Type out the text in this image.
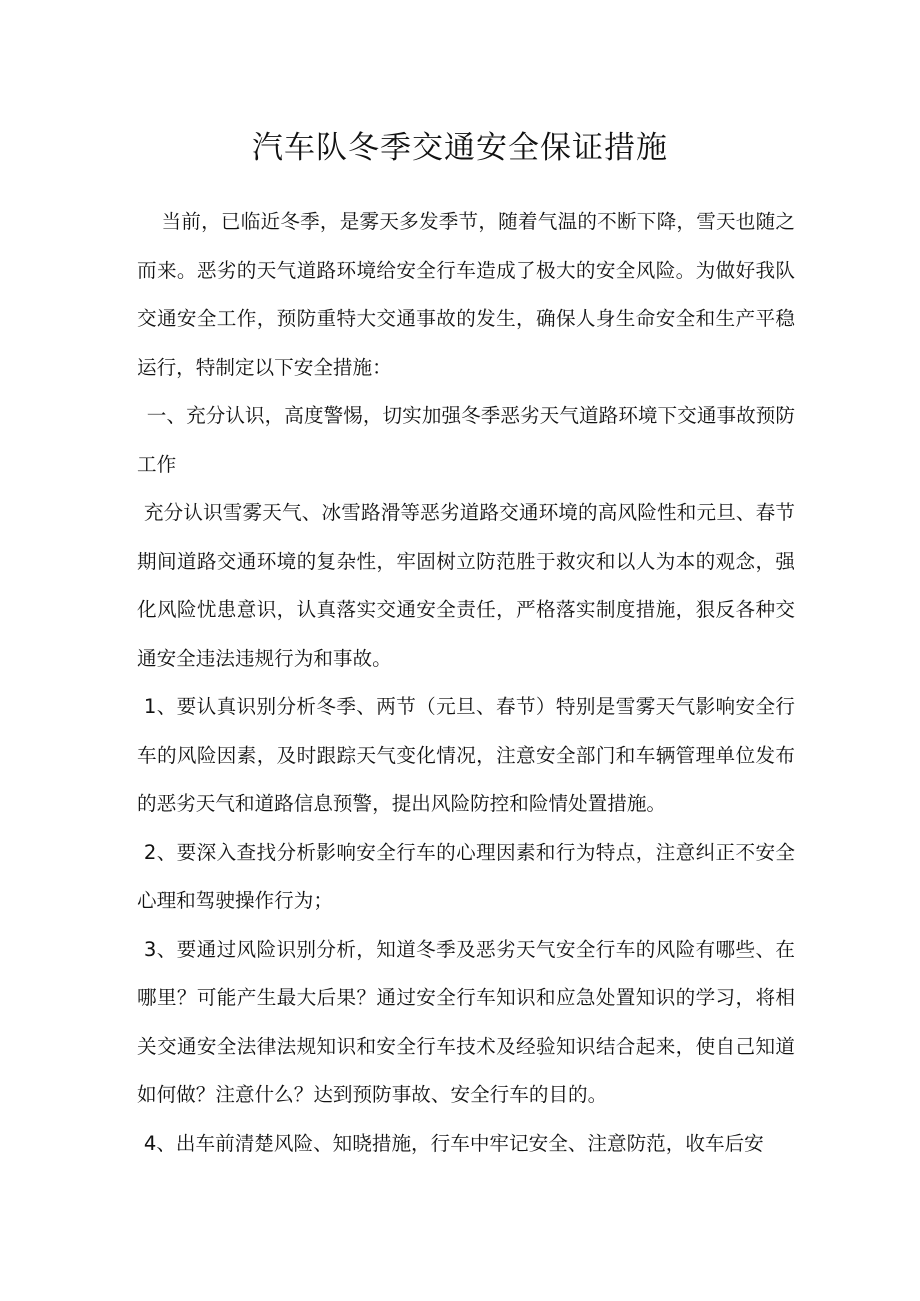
汽车队冬季交通安全保证措施

当前，已临近冬季，是雾天多发季节，随着气温的不断下降，雪天也随之而来。恶劣的天气道路环境给安全行车造成了极大的安全风险。为做好我队交通安全工作，预防重特大交通事故的发生，确保人身生命安全和生产平稳运行，特制定以下安全措施：

一、充分认识，高度警惕，切实加强冬季恶劣天气道路环境下交通事故预防工作

充分认识雪雾天气、冰雪路滑等恶劣道路交通环境的高风险性和元旦、春节期间道路交通环境的复杂性，牢固树立防范胜于救灾和以人为本的观念，强化风险忧患意识，认真落实交通安全责任，严格落实制度措施，狠反各种交通安全违法违规行为和事故。

1、要认真识别分析冬季、两节（元旦、春节）特别是雪雾天气影响安全行车的风险因素，及时跟踪天气变化情况，注意安全部门和车辆管理单位发布的恶劣天气和道路信息预警，提出风险防控和险情处置措施。

2、要深入查找分析影响安全行车的心理因素和行为特点，注意纠正不安全心理和驾驶操作行为；

3、要通过风险识别分析，知道冬季及恶劣天气安全行车的风险有哪些、在哪里？可能产生最大后果？通过安全行车知识和应急处置知识的学习，将相关交通安全法律法规知识和安全行车技术及经验知识结合起来，使自己知道如何做？注意什么？达到预防事故、安全行车的目的。

4、出车前清楚风险、知晓措施，行车中牢记安全、注意防范，收车后安
